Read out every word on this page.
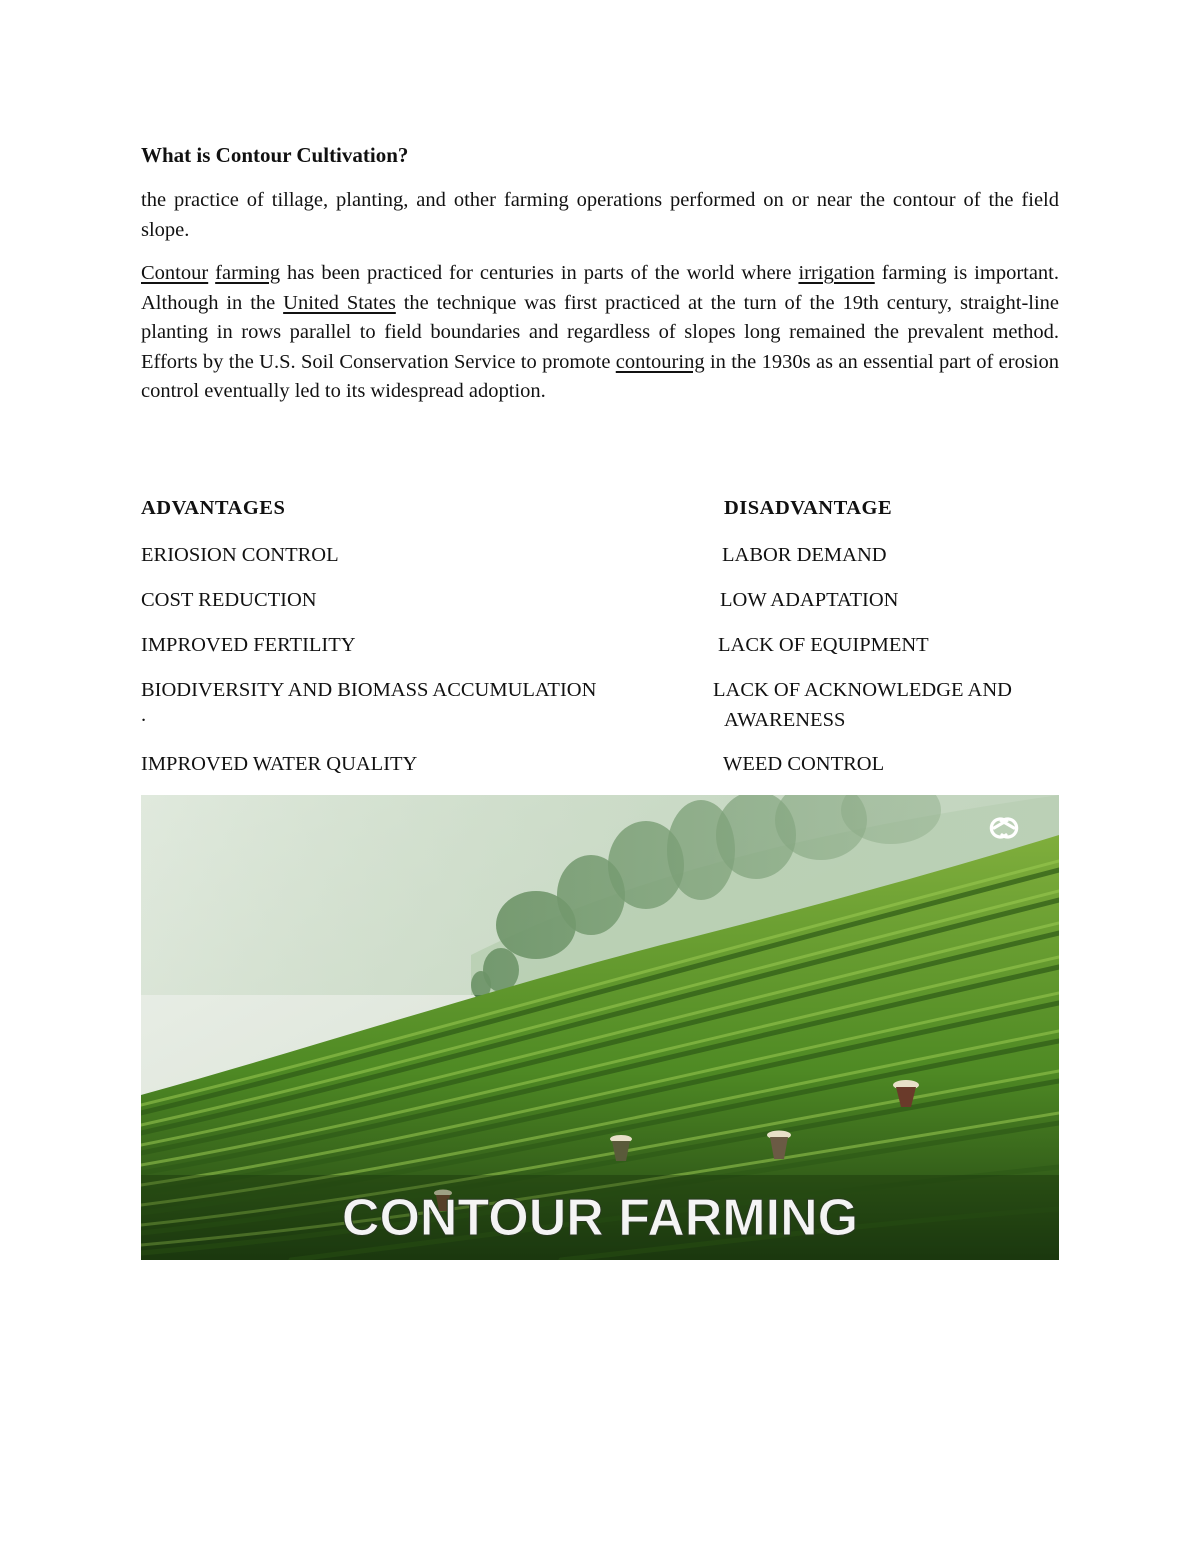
What is Contour Cultivation?

the practice of tillage, planting, and other farming operations performed on or near the contour of the field slope.

Contour farming has been practiced for centuries in parts of the world where irrigation farming is important. Although in the United States the technique was first practiced at the turn of the 19th century, straight-line planting in rows parallel to field boundaries and regardless of slopes long remained the prevalent method. Efforts by the U.S. Soil Conservation Service to promote contouring in the 1930s as an essential part of erosion control eventually led to its widespread adoption.

ADVANTAGES
ERIOSION CONTROL
COST REDUCTION
IMPROVED FERTILITY
BIODIVERSITY AND BIOMASS ACCUMULATION
.
IMPROVED WATER QUALITY
DISADVANTAGE
LABOR DEMAND
LOW ADAPTATION
LACK OF EQUIPMENT
LACK OF ACKNOWLEDGE AND
AWARENESS
WEED CONTROL
CONTOUR FARMING
